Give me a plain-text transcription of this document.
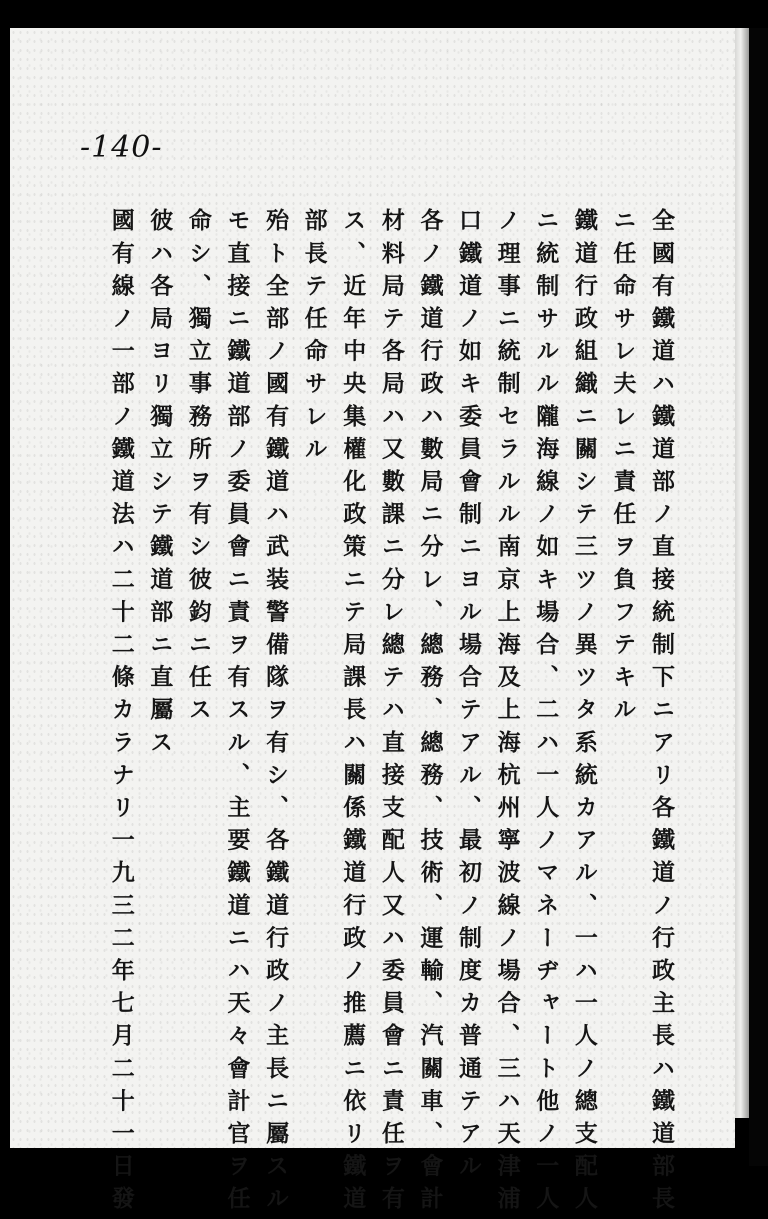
-140-
全國有鐵道ハ鐵道部ノ直接統制下ニアリ各鐵道ノ行政主長ハ鐵道部長
ニ任命サレ夫レニ責任ヲ負フテキル
鐵道行政組織ニ關シテ三ツノ異ツタ系統カアル、一ハ一人ノ總支配人
ニ統制サルル隴海線ノ如キ場合、二ハ一人ノマネーヂャート他ノ一人
ノ理事ニ統制セラルル南京上海及上海杭州寧波線ノ場合、三ハ天津浦
口鐵道ノ如キ委員會制ニヨル場合テアル、最初ノ制度カ普通テアル
各ノ鐵道行政ハ數局ニ分レ、總務、總務、技術、運輸、汽關車、會計
材料局テ各局ハ又數課ニ分レ總テハ直接支配人又ハ委員會ニ責任ヲ有
ス、近年中央集權化政策ニテ局課長ハ關係鐵道行政ノ推薦ニ依リ鐵道
部長テ任命サレル
殆ト全部ノ國有鐵道ハ武装警備隊ヲ有シ、各鐵道行政ノ主長ニ屬スル
モ直接ニ鐵道部ノ委員會ニ責ヲ有スル、主要鐵道ニハ天々會計官ヲ任
命シ、獨立事務所ヲ有シ彼鈞ニ任ス
彼ハ各局ヨリ獨立シテ鐵道部ニ直屬ス
國有線ノ一部ノ鐵道法ハ二十二條カラナリ一九三二年七月二十一日發
